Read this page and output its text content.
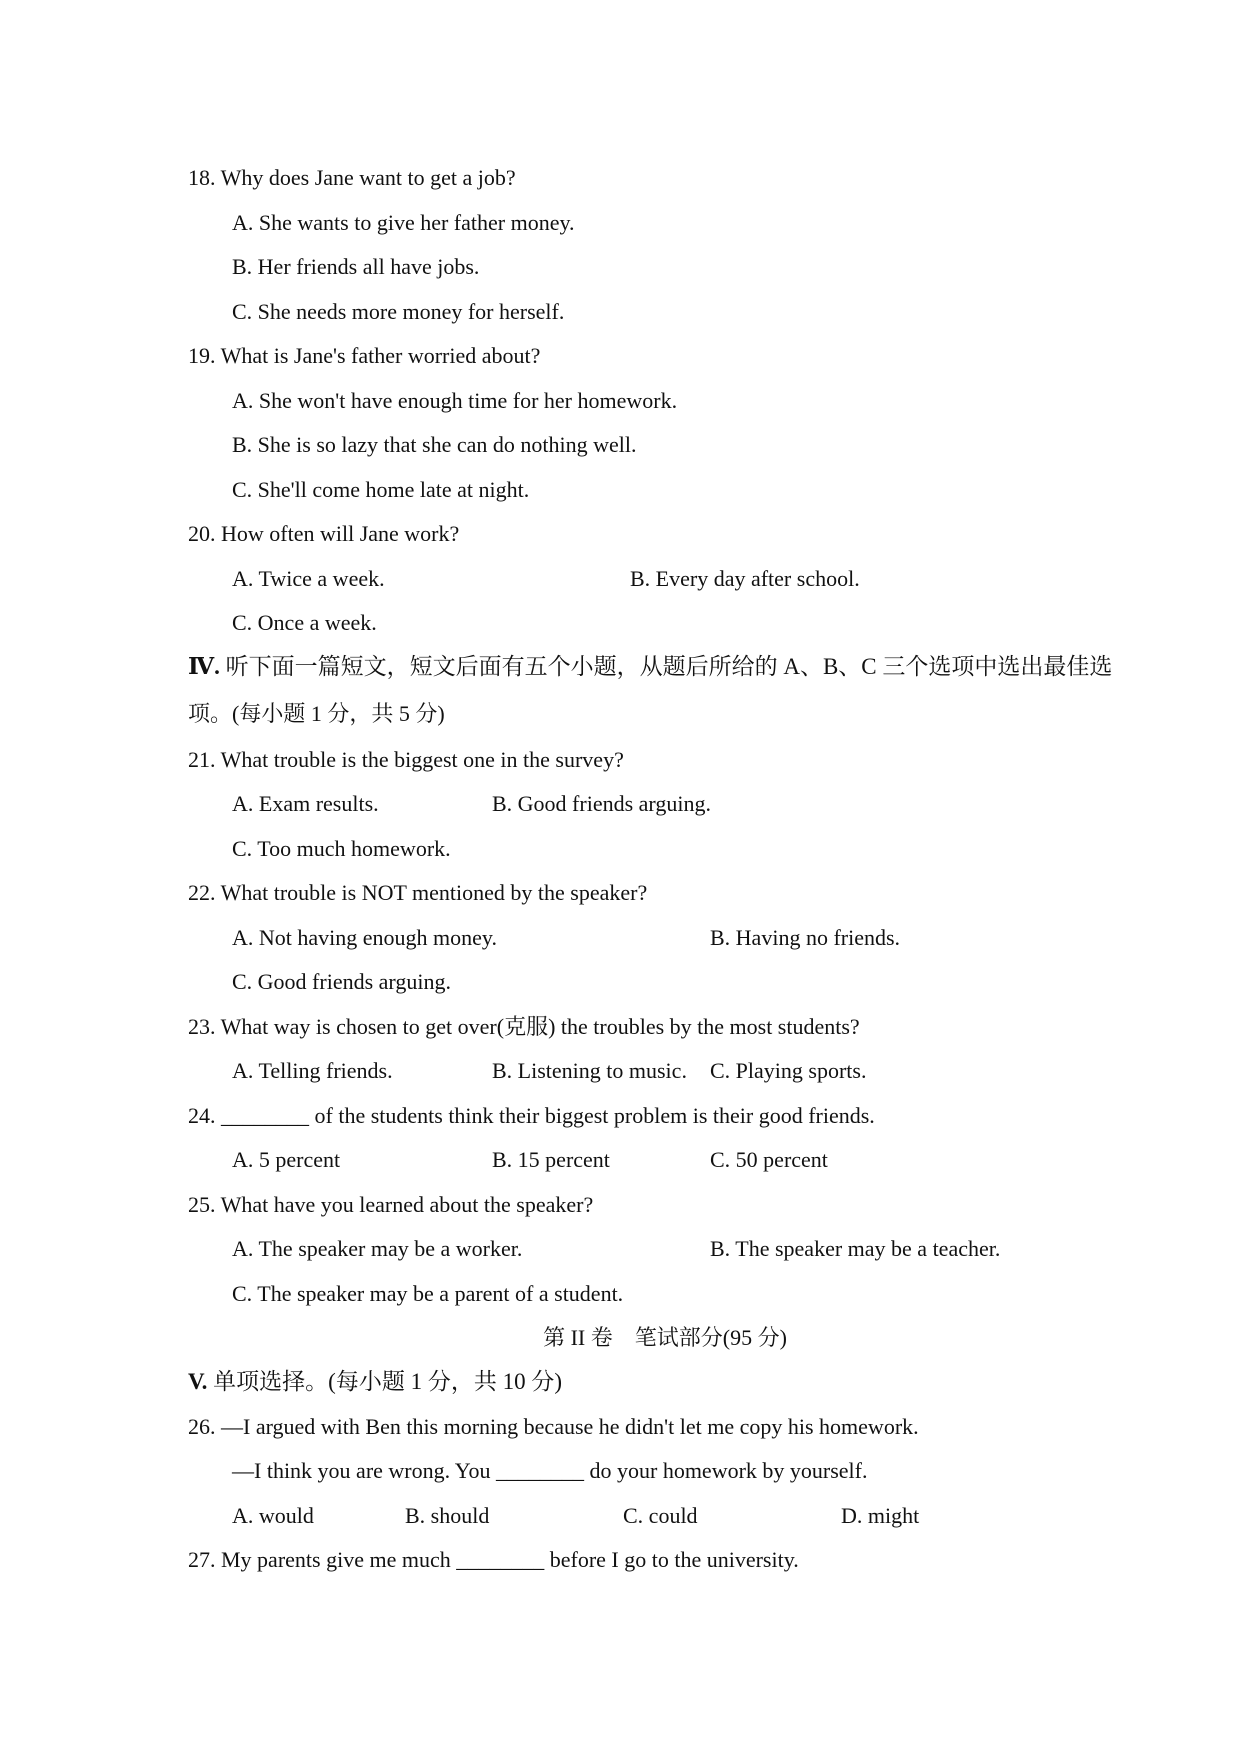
18. Why does Jane want to get a job?
A. She wants to give her father money.
B. Her friends all have jobs.
C. She needs more money for herself.
19. What is Jane's father worried about?
A. She won't have enough time for her homework.
B. She is so lazy that she can do nothing well.
C. She'll come home late at night.
20. How often will Jane work?
A. Twice a week.	B. Every day after school.
C. Once a week.
Ⅳ. 听下面一篇短文，短文后面有五个小题，从题后所给的 A、B、C 三个选项中选出最佳选
项。(每小题 1 分，共 5 分)
21. What trouble is the biggest one in the survey?
A. Exam results.	B. Good friends arguing.
C. Too much homework.
22. What trouble is NOT mentioned by the speaker?
A. Not having enough money.	B. Having no friends.
C. Good friends arguing.
23. What way is chosen to get over(克服) the troubles by the most students?
A. Telling friends.	B. Listening to music. C. Playing sports.
24. ________ of the students think their biggest problem is their good friends.
A. 5 percent	B. 15 percent	C. 50 percent
25. What have you learned about the speaker?
A. The speaker may be a worker.	B. The speaker may be a teacher.
C. The speaker may be a parent of a student.
第 II 卷　笔试部分(95 分)
V. 单项选择。(每小题 1 分，共 10 分)
26. —I argued with Ben this morning because he didn't let me copy his homework.
—I think you are wrong. You ________ do your homework by yourself.
A. would	B. should	C. could	D. might
27. My parents give me much ________ before I go to the university.
